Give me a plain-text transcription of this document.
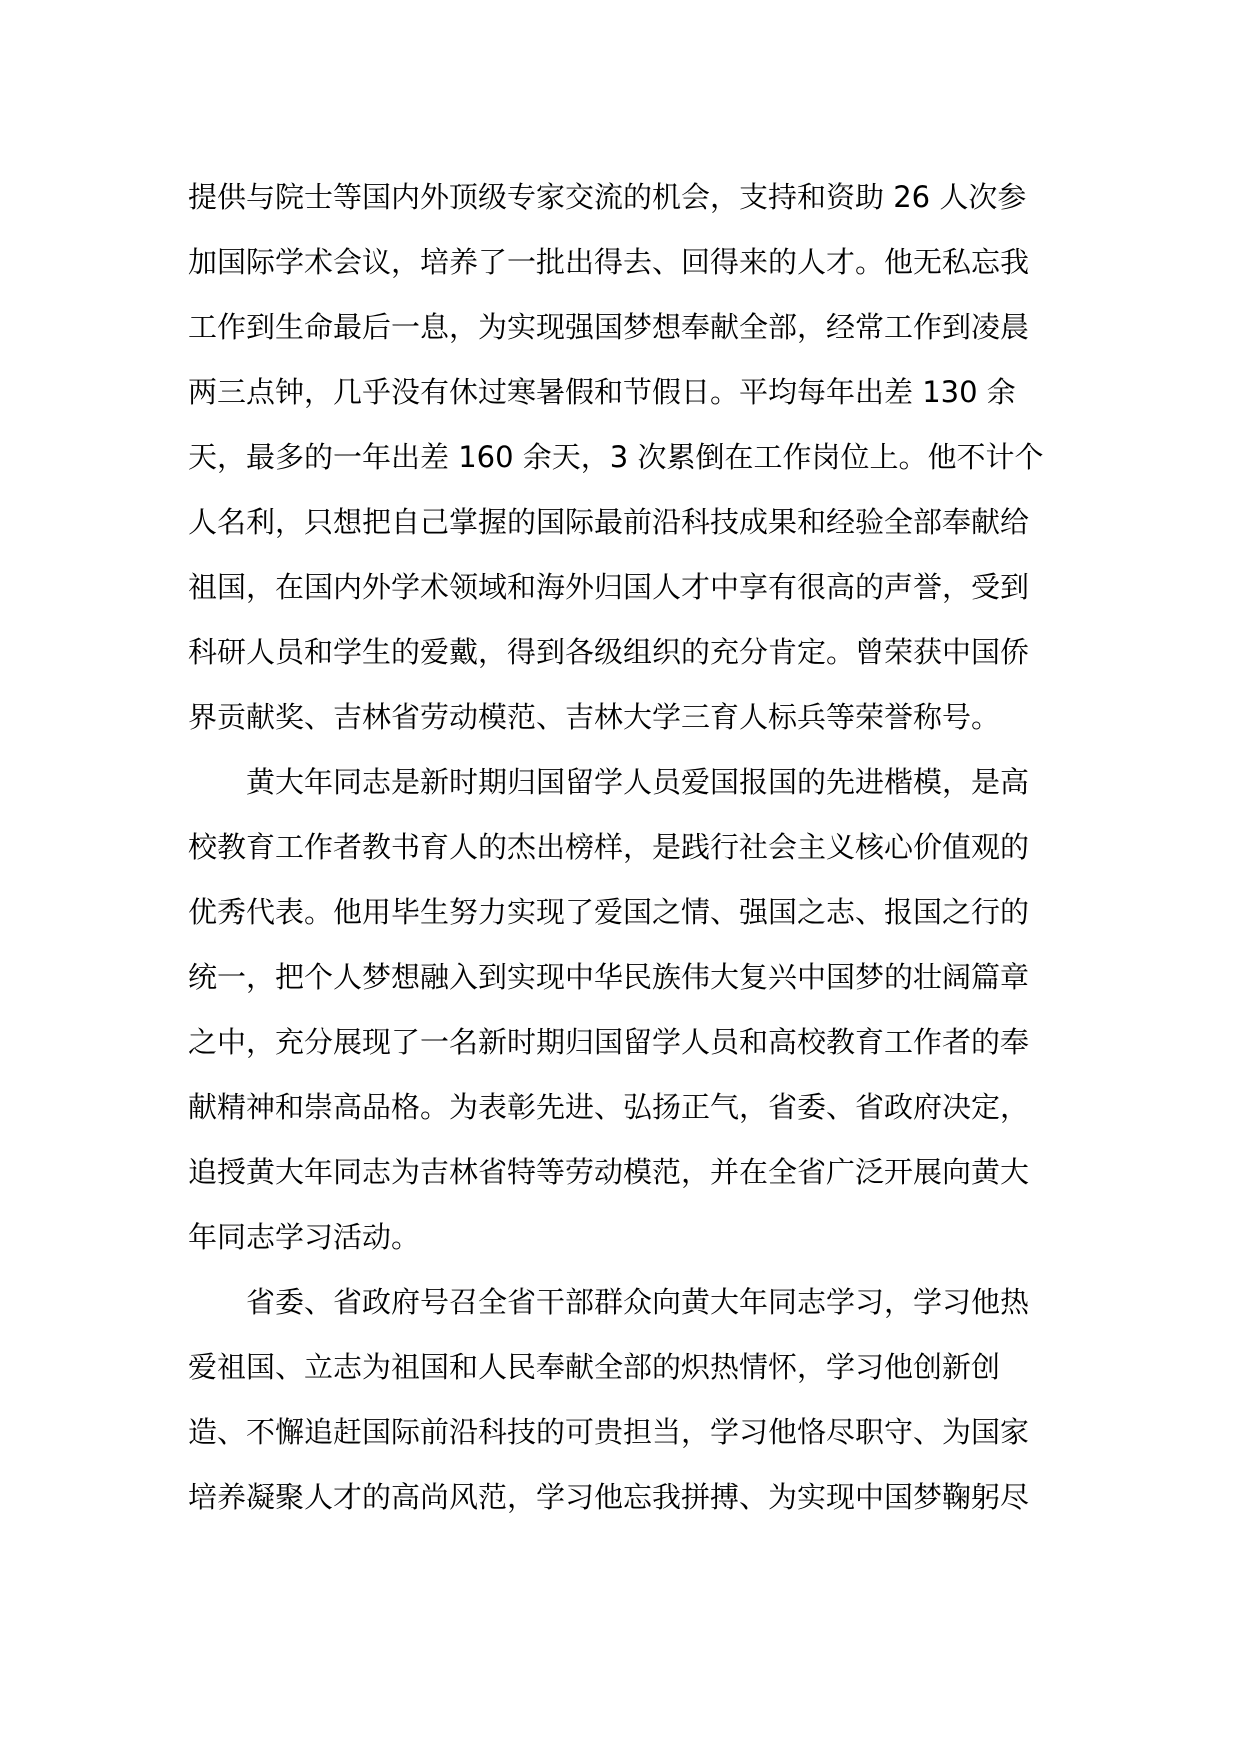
提供与院士等国内外顶级专家交流的机会，支持和资助 26 人次参
加国际学术会议，培养了一批出得去、回得来的人才。他无私忘我
工作到生命最后一息，为实现强国梦想奉献全部，经常工作到凌晨
两三点钟，几乎没有休过寒暑假和节假日。平均每年出差 130 余
天，最多的一年出差 160 余天，3 次累倒在工作岗位上。他不计个
人名利，只想把自己掌握的国际最前沿科技成果和经验全部奉献给
祖国，在国内外学术领域和海外归国人才中享有很高的声誉，受到
科研人员和学生的爱戴，得到各级组织的充分肯定。曾荣获中国侨
界贡献奖、吉林省劳动模范、吉林大学三育人标兵等荣誉称号。
黄大年同志是新时期归国留学人员爱国报国的先进楷模，是高
校教育工作者教书育人的杰出榜样，是践行社会主义核心价值观的
优秀代表。他用毕生努力实现了爱国之情、强国之志、报国之行的
统一，把个人梦想融入到实现中华民族伟大复兴中国梦的壮阔篇章
之中，充分展现了一名新时期归国留学人员和高校教育工作者的奉
献精神和崇高品格。为表彰先进、弘扬正气，省委、省政府决定，
追授黄大年同志为吉林省特等劳动模范，并在全省广泛开展向黄大
年同志学习活动。
省委、省政府号召全省干部群众向黄大年同志学习，学习他热
爱祖国、立志为祖国和人民奉献全部的炽热情怀，学习他创新创
造、不懈追赶国际前沿科技的可贵担当，学习他恪尽职守、为国家
培养凝聚人才的高尚风范，学习他忘我拼搏、为实现中国梦鞠躬尽
